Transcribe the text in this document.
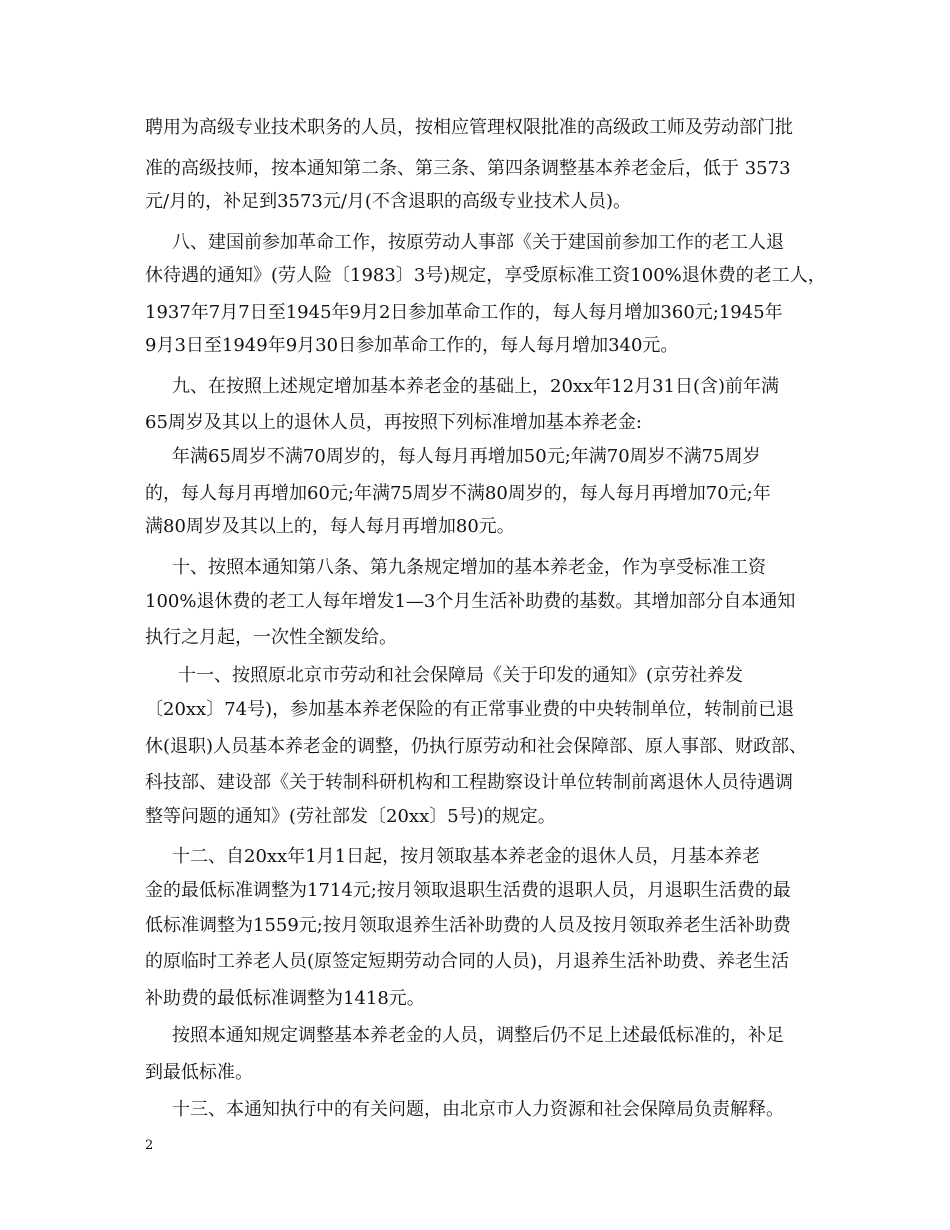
聘用为高级专业技术职务的人员，按相应管理权限批准的高级政工师及劳动部门批
准的高级技师，按本通知第二条、第三条、第四条调整基本养老金后，低于 3573
元/月的，补足到3573元/月(不含退职的高级专业技术人员)。
八、建国前参加革命工作，按原劳动人事部《关于建国前参加工作的老工人退
休待遇的通知》(劳人险〔1983〕3号)规定，享受原标准工资100%退休费的老工人，
1937年7月7日至1945年9月2日参加革命工作的，每人每月增加360元;1945年
9月3日至1949年9月30日参加革命工作的，每人每月增加340元。
九、在按照上述规定增加基本养老金的基础上，20xx年12月31日(含)前年满
65周岁及其以上的退休人员，再按照下列标准增加基本养老金:
年满65周岁不满70周岁的，每人每月再增加50元;年满70周岁不满75周岁
的，每人每月再增加60元;年满75周岁不满80周岁的，每人每月再增加70元;年
满80周岁及其以上的，每人每月再增加80元。
十、按照本通知第八条、第九条规定增加的基本养老金，作为享受标准工资
100%退休费的老工人每年增发1—3个月生活补助费的基数。其增加部分自本通知
执行之月起，一次性全额发给。
十一、按照原北京市劳动和社会保障局《关于印发的通知》(京劳社养发
〔20xx〕74号)，参加基本养老保险的有正常事业费的中央转制单位，转制前已退
休(退职)人员基本养老金的调整，仍执行原劳动和社会保障部、原人事部、财政部、
科技部、建设部《关于转制科研机构和工程勘察设计单位转制前离退休人员待遇调
整等问题的通知》(劳社部发〔20xx〕5号)的规定。
十二、自20xx年1月1日起，按月领取基本养老金的退休人员，月基本养老
金的最低标准调整为1714元;按月领取退职生活费的退职人员，月退职生活费的最
低标准调整为1559元;按月领取退养生活补助费的人员及按月领取养老生活补助费
的原临时工养老人员(原签定短期劳动合同的人员)，月退养生活补助费、养老生活
补助费的最低标准调整为1418元。
按照本通知规定调整基本养老金的人员，调整后仍不足上述最低标准的，补足
到最低标准。
十三、本通知执行中的有关问题，由北京市人力资源和社会保障局负责解释。
2
